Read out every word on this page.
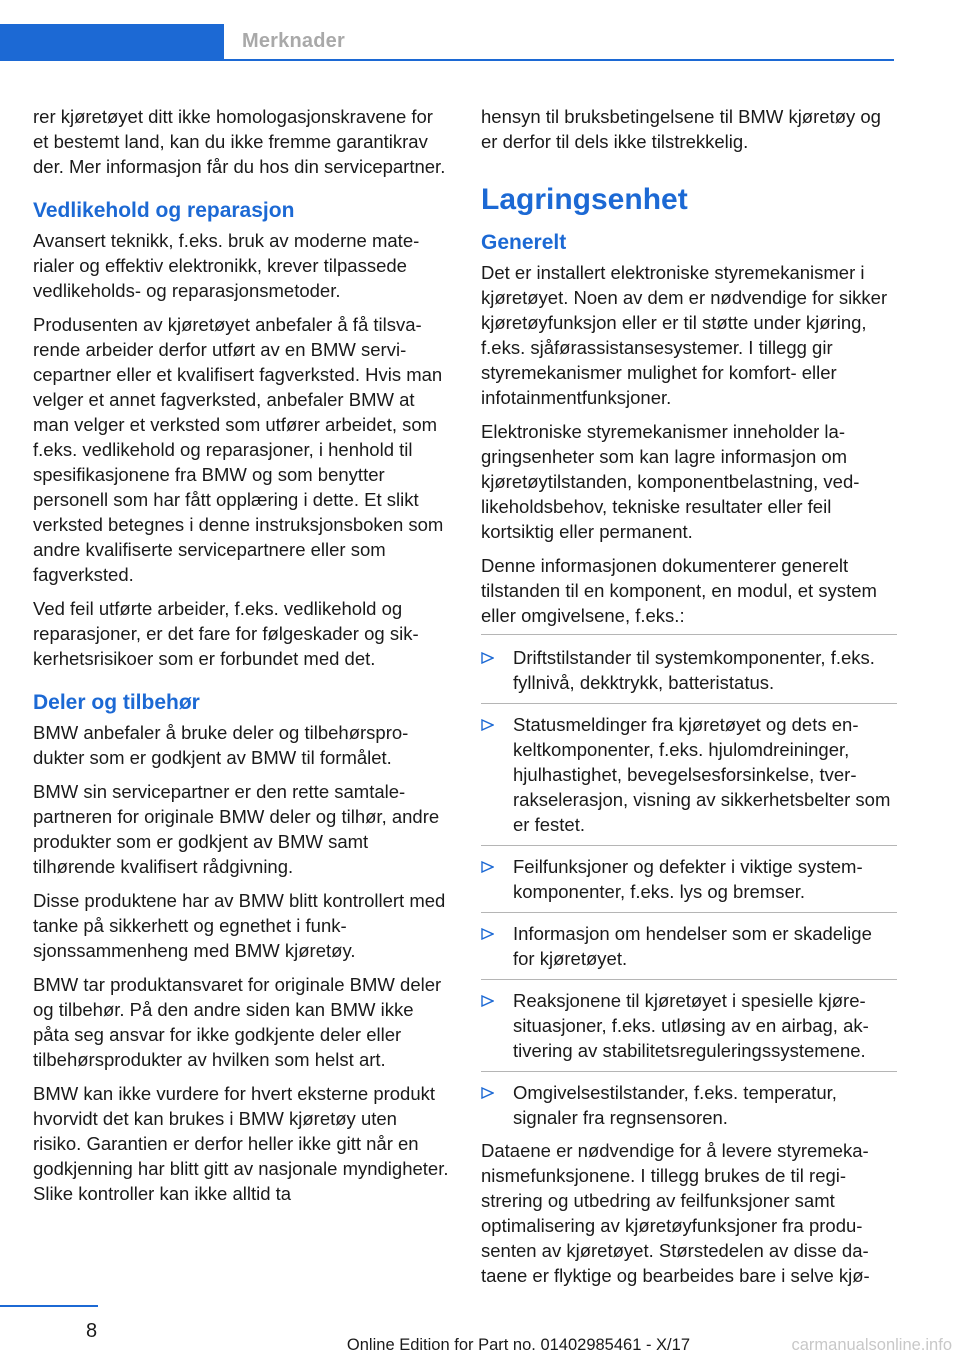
Merknader

rer kjøretøyet ditt ikke homologasjonskravene for et bestemt land, kan du ikke fremme garantikrav der. Mer informasjon får du hos din servicepartner.

Vedlikehold og reparasjon

Avansert teknikk, f.eks. bruk av moderne materialer og effektiv elektronikk, krever tilpassede vedlikeholds- og reparasjonsmetoder.

Produsenten av kjøretøyet anbefaler å få tilsvarende arbeider derfor utført av en BMW servicepartner eller et kvalifisert fagverksted. Hvis man velger et annet fagverksted, anbefaler BMW at man velger et verksted som utfører arbeidet, som f.eks. vedlikehold og reparasjoner, i henhold til spesifikasjonene fra BMW og som benytter personell som har fått opplæring i dette. Et slikt verksted betegnes i denne instruksjonsboken som andre kvalifiserte servicepartnere eller som fagverksted.

Ved feil utførte arbeider, f.eks. vedlikehold og reparasjoner, er det fare for følgeskader og sikkerhetsrisikoer som er forbundet med det.

Deler og tilbehør

BMW anbefaler å bruke deler og tilbehørsprodukter som er godkjent av BMW til formålet.

BMW sin servicepartner er den rette samtalepartneren for originale BMW deler og tilhør, andre produkter som er godkjent av BMW samt tilhørende kvalifisert rådgivning.

Disse produktene har av BMW blitt kontrollert med tanke på sikkerhett og egnethet i funksjonssammenheng med BMW kjøretøy.

BMW tar produktansvaret for originale BMW deler og tilbehør. På den andre siden kan BMW ikke påta seg ansvar for ikke godkjente deler eller tilbehørsprodukter av hvilken som helst art.

BMW kan ikke vurdere for hvert eksterne produkt hvorvidt det kan brukes i BMW kjøretøy uten risiko. Garantien er derfor heller ikke gitt når en godkjenning har blitt gitt av nasjonale myndigheter. Slike kontroller kan ikke alltid ta

hensyn til bruksbetingelsene til BMW kjøretøy og er derfor til dels ikke tilstrekkelig.

Lagringsenhet
Generelt

Det er installert elektroniske styremekanismer i kjøretøyet. Noen av dem er nødvendige for sikker kjøretøyfunksjon eller er til støtte under kjøring, f.eks. sjåførassistansesystemer. I tillegg gir styremekanismer mulighet for komfort- eller infotainmentfunksjoner.

Elektroniske styremekanismer inneholder lagringsenheter som kan lagre informasjon om kjøretøytilstanden, komponentbelastning, vedlikeholdsbehov, tekniske resultater eller feil kortsiktig eller permanent.

Denne informasjonen dokumenterer generelt tilstanden til en komponent, en modul, et system eller omgivelsene, f.eks.:

Driftstilstander til systemkomponenter, f.eks. fyllnivå, dekktrykk, batteristatus.
Statusmeldinger fra kjøretøyet og dets enkeltkomponenter, f.eks. hjulomdreininger, hjulhastighet, bevegelsesforsinkelse, tverrakselerasjon, visning av sikkerhetsbelter som er festet.
Feilfunksjoner og defekter i viktige systemkomponenter, f.eks. lys og bremser.
Informasjon om hendelser som er skadelige for kjøretøyet.
Reaksjonene til kjøretøyet i spesielle kjøresituasjoner, f.eks. utløsing av en airbag, aktivering av stabilitetsreguleringssystemene.
Omgivelsestilstander, f.eks. temperatur, signaler fra regnsensoren.

Dataene er nødvendige for å levere styremekanismefunksjonene. I tillegg brukes de til registrering og utbedring av feilfunksjoner samt optimalisering av kjøretøyfunksjoner fra produsenten av kjøretøyet. Størstedelen av disse dataene er flyktige og bearbeides bare i selve kjø-

8
Online Edition for Part no. 01402985461 - X/17	carmanualsonline.info
